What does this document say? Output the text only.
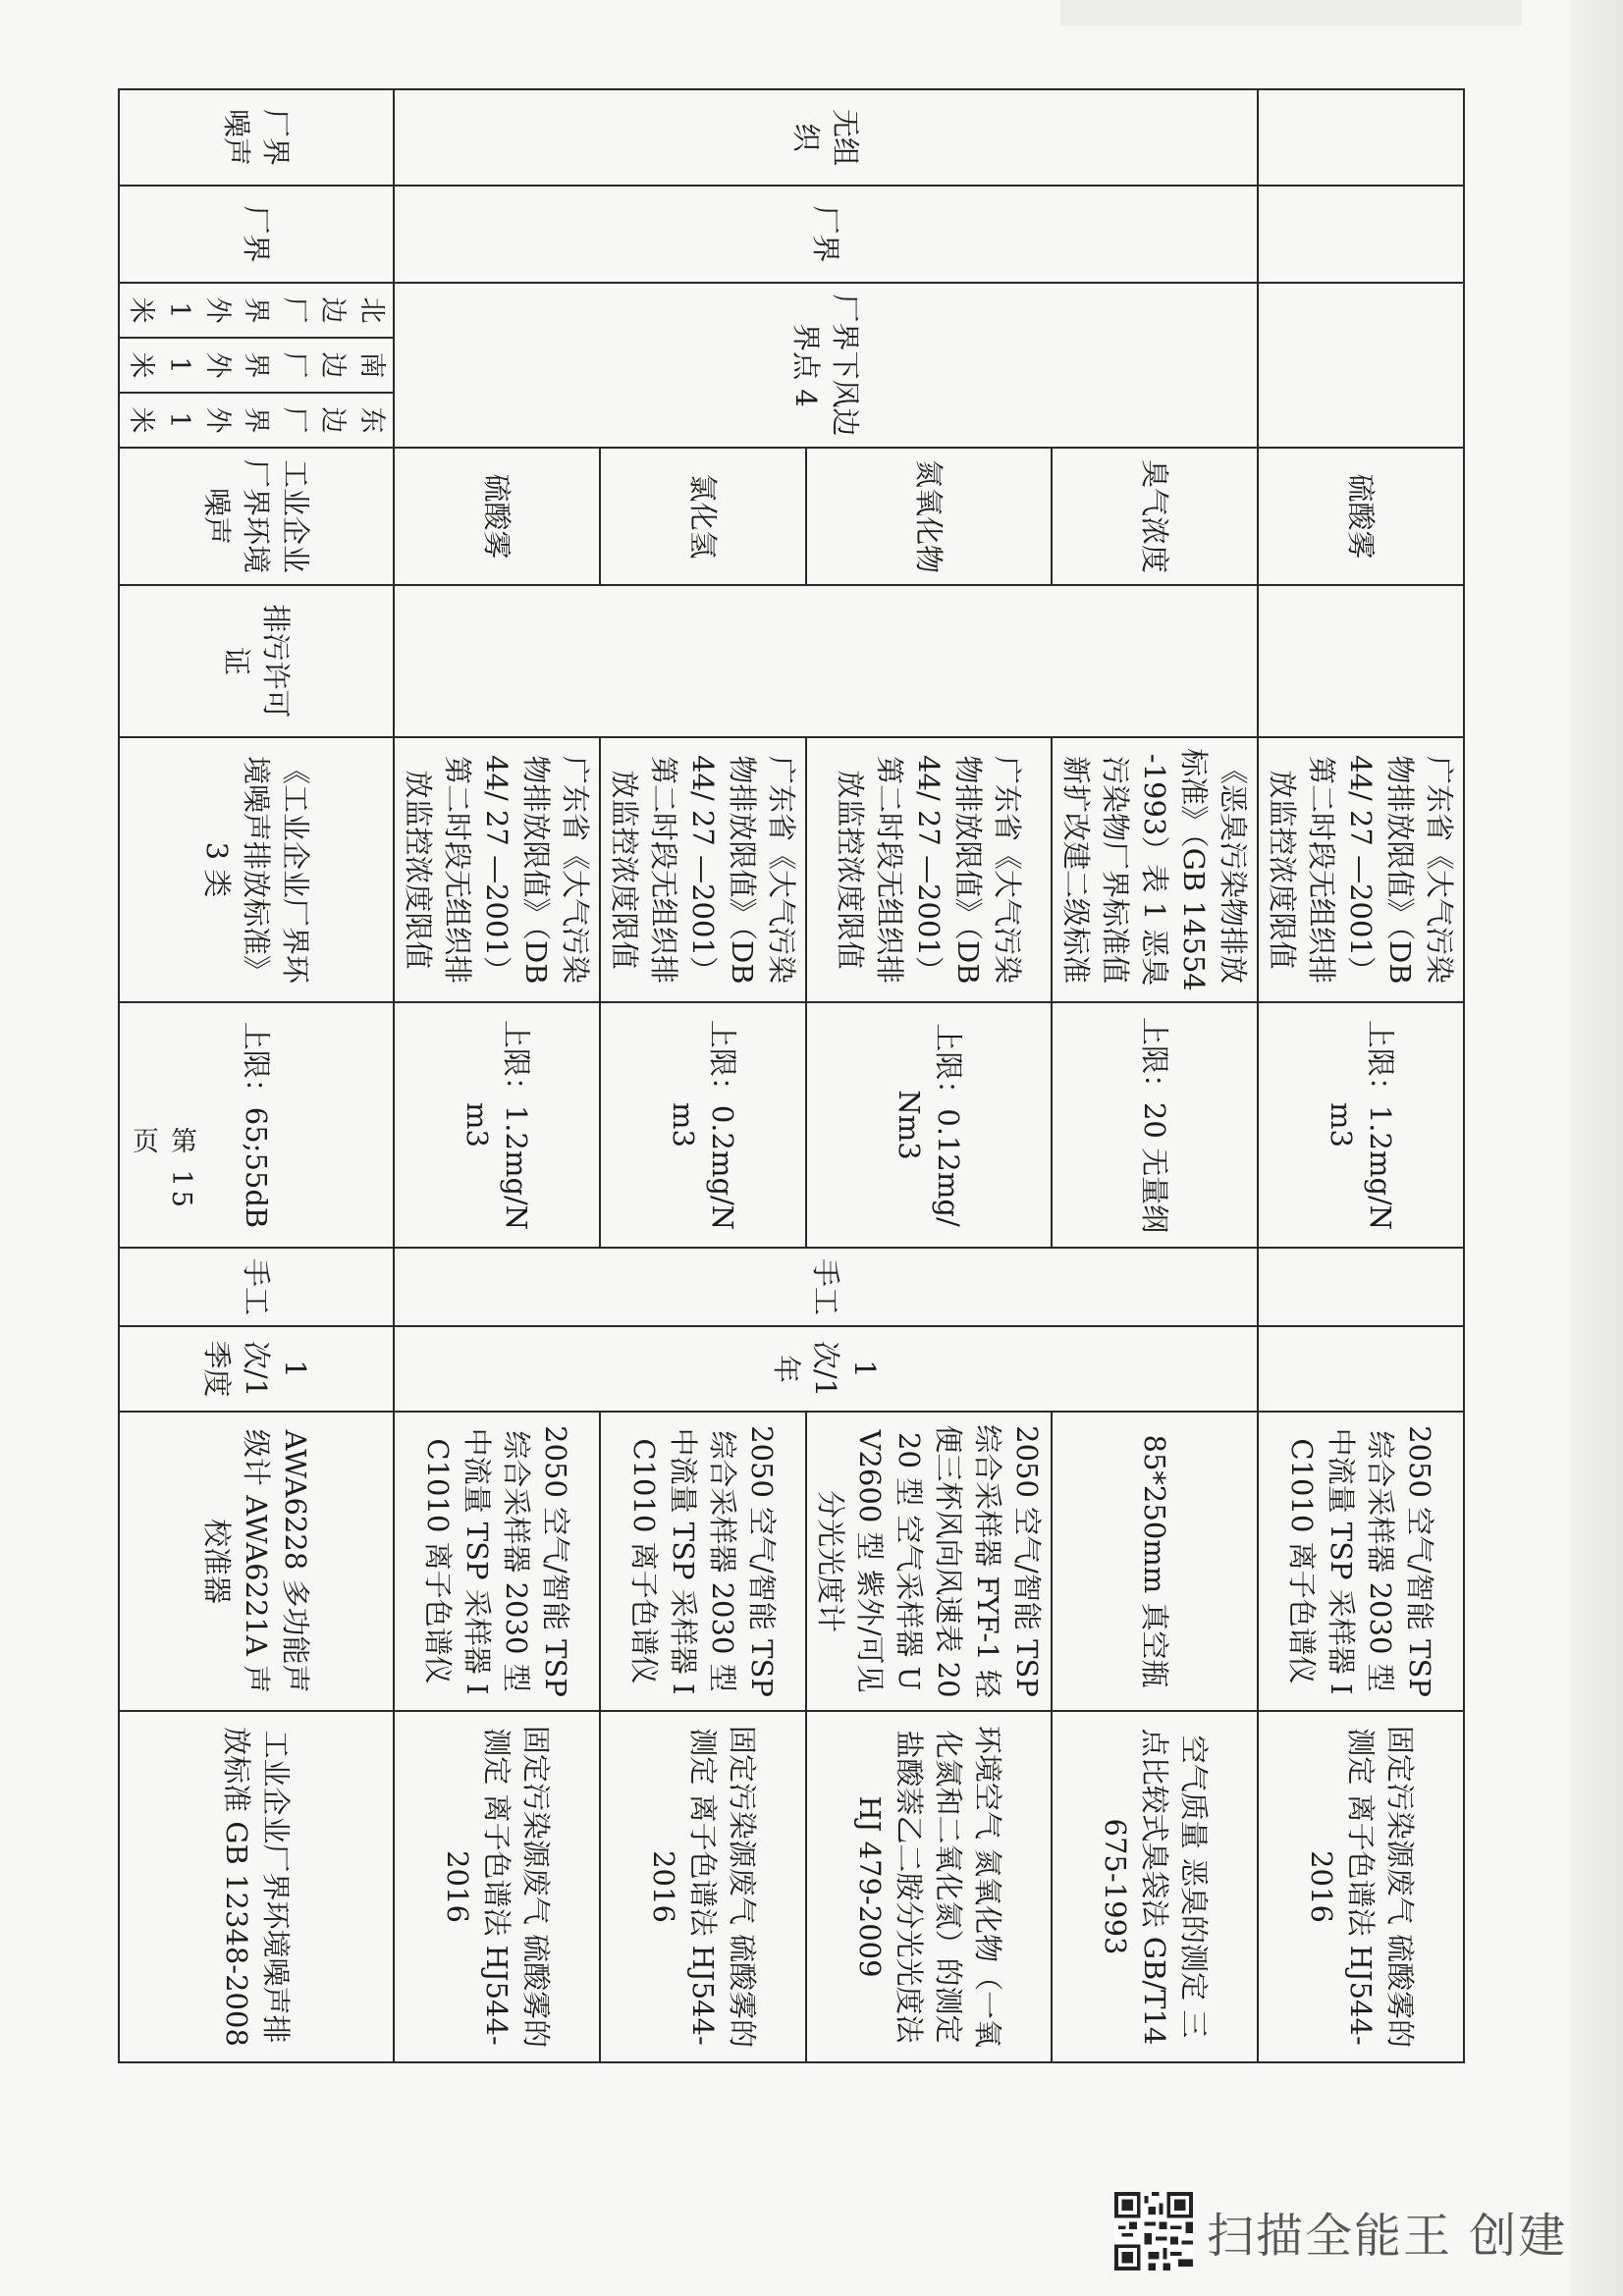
					硫酸雾		广东省《大气污染物排放限值》（DB44/ 27 —2001）第二时段无组织排放监控浓度限值	上限：1.2mg/Nm3			2050 空气/智能 TSP 综合采样器 2030 型 中流量 TSP 采样器 IC1010 离子色谱仪	固定污染源废气 硫酸雾的测定 离子色谱法 HJ544-2016
无组织	厂界	厂界下风边界点 4			臭气浓度		《恶臭污染物排放标准》（GB 14554-1993）表 1 恶臭污染物厂界标准值新扩改建二级标准	上限：20 无量纲	手工	1 次/1 年	85*250mm 真空瓶	空气质量 恶臭的测定 三点比较式臭袋法 GB/T14675-1993
					氮氧化物		广东省《大气污染物排放限值》（DB44/ 27 —2001）第二时段无组织排放监控浓度限值	上限：0.12mg/Nm3			2050 空气/智能 TSP 综合采样器 FYF-1 轻便三杯风向风速表 2020 型 空气采样器 UV2600 型 紫外/可见分光光度计	环境空气 氮氧化物（一氧化氮和二氧化氮）的测定 盐酸萘乙二胺分光光度法 HJ 479-2009
					氯化氢		广东省《大气污染物排放限值》（DB44/ 27 —2001）第二时段无组织排放监控浓度限值	上限：0.2mg/Nm3			2050 空气/智能 TSP 综合采样器 2030 型 中流量 TSP 采样器 IC1010 离子色谱仪	固定污染源废气 硫酸雾的测定 离子色谱法 HJ544-2016
					硫酸雾		广东省《大气污染物排放限值》（DB44/ 27 —2001）第二时段无组织排放监控浓度限值	上限：1.2mg/Nm3			2050 空气/智能 TSP 综合采样器 2030 型 中流量 TSP 采样器 IC1010 离子色谱仪	固定污染源废气 硫酸雾的测定 离子色谱法 HJ544-2016
厂界噪声	厂界	北边厂界外 1 米	南边厂界外 1 米	东边厂界外 1 米	工业企业厂界环境噪声	排污许可证	《工业企业厂界环境噪声排放标准》3 类	上限：65;55dB	手工	1 次/1 季度	AWA6228 多功能声级计 AWA6221A 声校准器	工业企业厂界环境噪声排放标准 GB 12348-2008
第 15 页
扫描全能王 创建
